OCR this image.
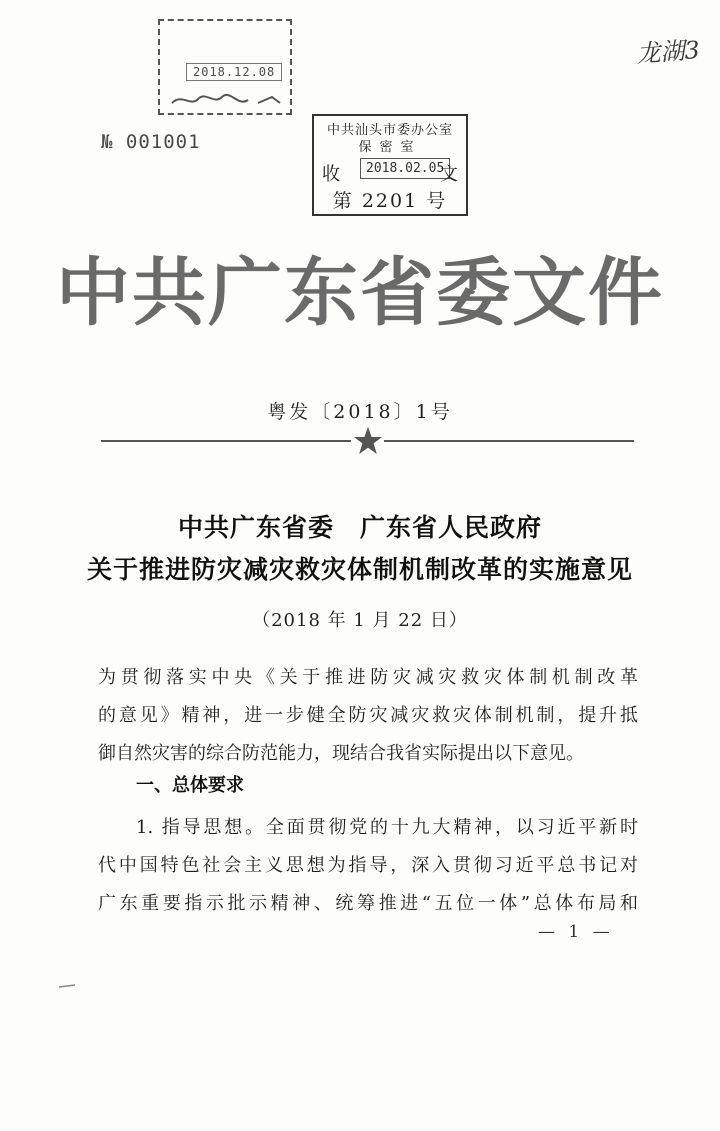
龙湖3
2018.12.08
№ 001001
中共汕头市委办公室
保密室
收	2018.02.05
文
第 2201 号
中共广东省委文件
粤发〔2018〕1号
中共广东省委　广东省人民政府
关于推进防灾减灾救灾体制机制改革的实施意见
（2018 年 1 月 22 日）
为贯彻落实中央《关于推进防灾减灾救灾体制机制改革
的意见》精神，进一步健全防灾减灾救灾体制机制，提升抵
御自然灾害的综合防范能力，现结合我省实际提出以下意见。
一、总体要求
1. 指导思想。全面贯彻党的十九大精神，以习近平新时
代中国特色社会主义思想为指导，深入贯彻习近平总书记对
广东重要指示批示精神、统筹推进“五位一体”总体布局和
— 1 —
